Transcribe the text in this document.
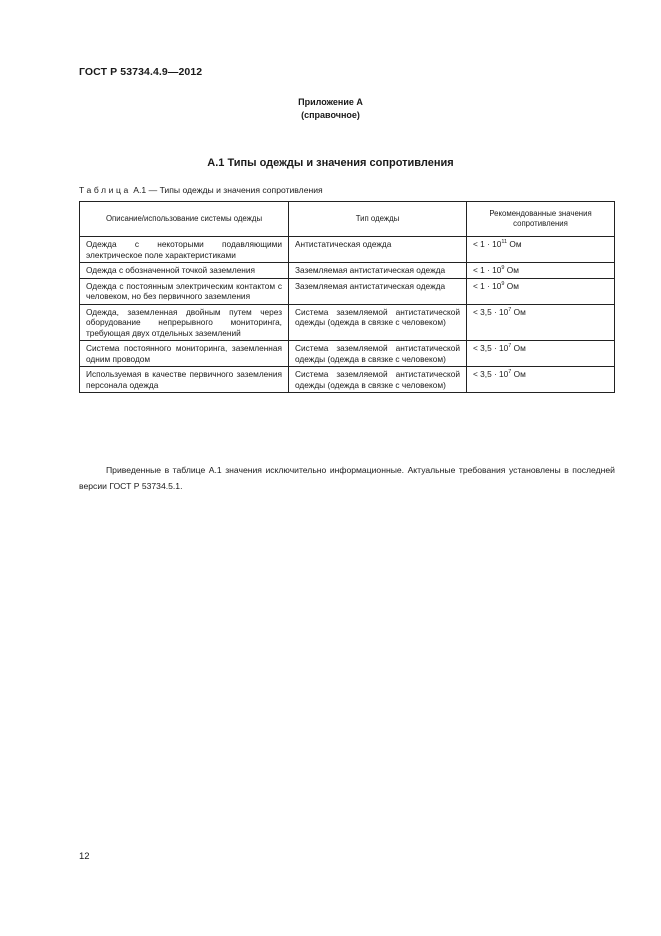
ГОСТ Р 53734.4.9—2012
Приложение А
(справочное)
А.1 Типы одежды и значения сопротивления
Таблица А.1 — Типы одежды и значения сопротивления
Описание/использование системы одежды	Тип одежды	Рекомендованные значения сопротивления
Одежда с некоторыми подавляющими электрическое поле характеристиками	Антистатическая одежда	< $1 \cdot 10^{11}$ Ом
Одежда с обозначенной точкой заземления	Заземляемая антистатическая одежда	< $1 \cdot 10^9$ Ом
Одежда с постоянным электрическим контактом с человеком, но без первичного заземления	Заземляемая антистатическая одежда	< $1 \cdot 10^9$ Ом
Одежда, заземленная двойным путем через оборудование непрерывного мониторинга, требующая двух отдельных заземлений	Система заземляемой антистатической одежды (одежда в связке с человеком)	< $3,5 \cdot 10^7$ Ом
Система постоянного мониторинга, заземленная одним проводом	Система заземляемой антистатической одежды (одежда в связке с человеком)	< $3,5 \cdot 10^7$ Ом
Используемая в качестве первичного заземления персонала одежда	Система заземляемой антистатической одежды (одежда в связке с человеком)	< $3,5 \cdot 10^7$ Ом
Приведенные в таблице А.1 значения исключительно информационные. Актуальные требования установлены в последней версии ГОСТ Р 53734.5.1.
12
